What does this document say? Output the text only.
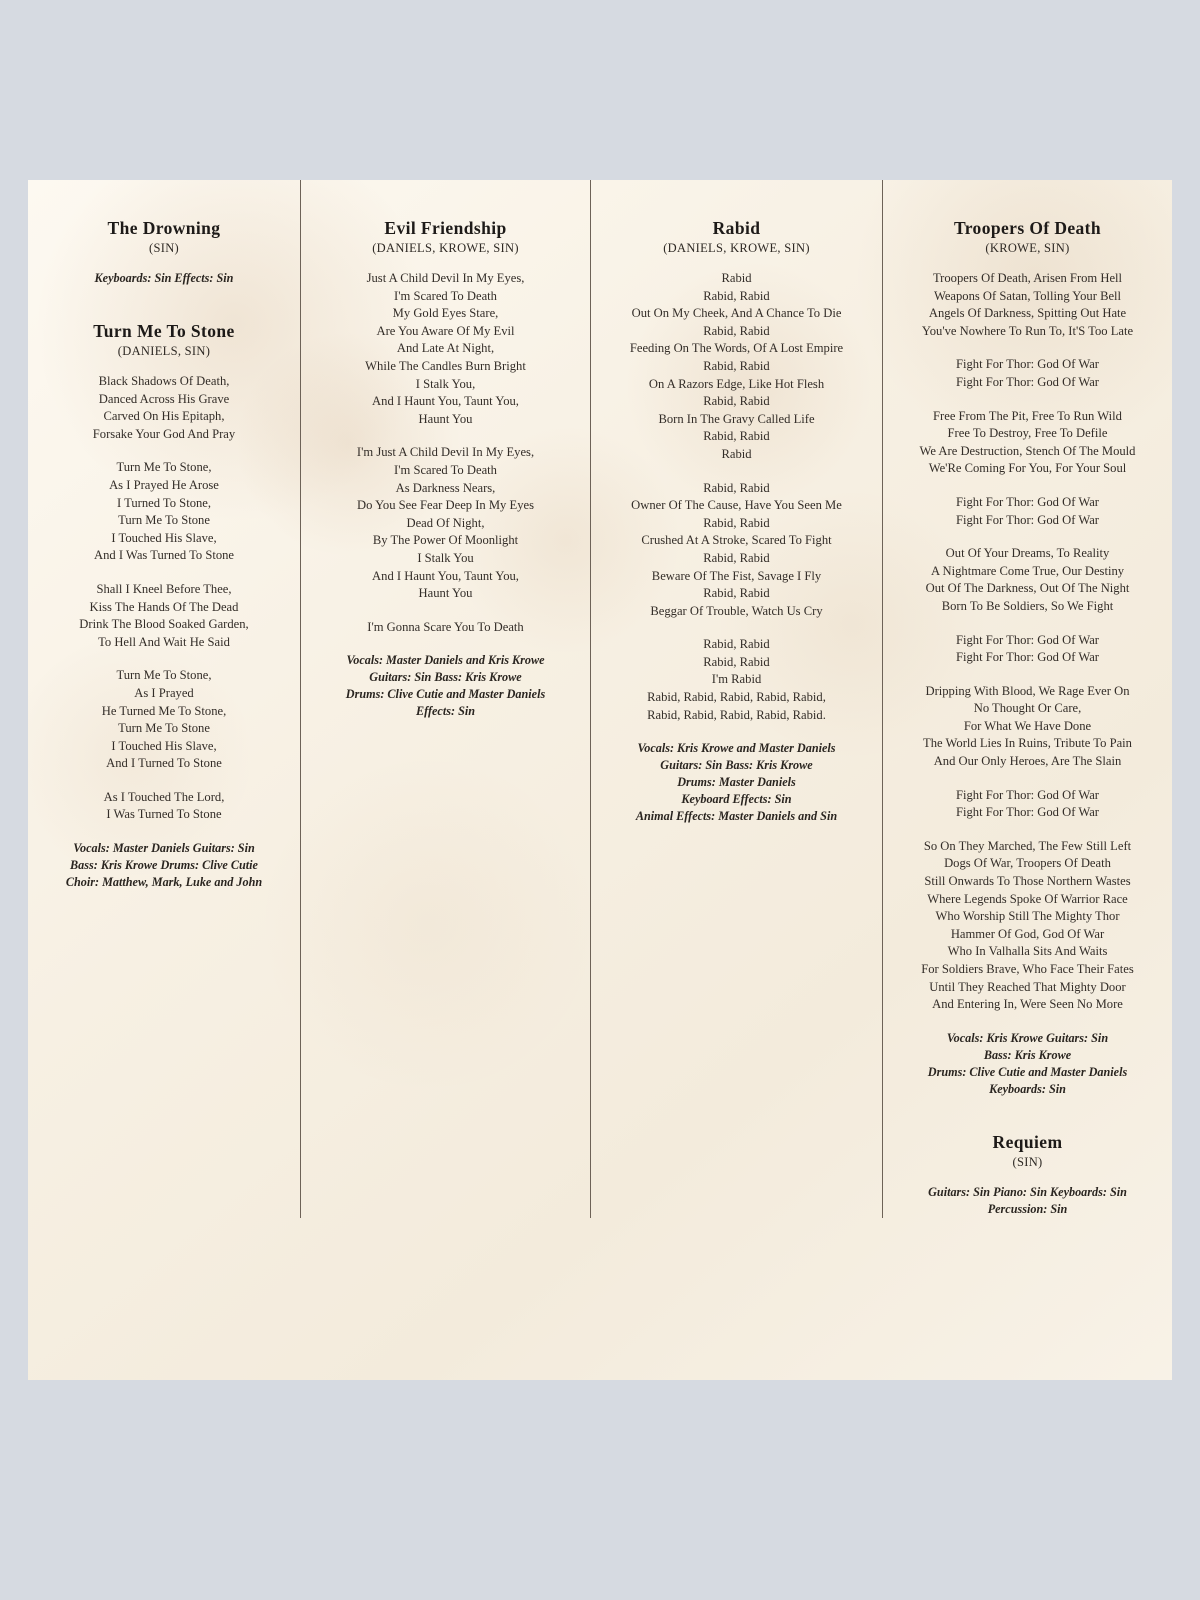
The Drowning
(SIN)
Keyboards: Sin Effects: Sin
Turn Me To Stone
(DANIELS, SIN)
Black Shadows Of Death,
Danced Across His Grave
Carved On His Epitaph,
Forsake Your God And Pray
Turn Me To Stone,
As I Prayed He Arose
I Turned To Stone,
Turn Me To Stone
I Touched His Slave,
And I Was Turned To Stone
Shall I Kneel Before Thee,
Kiss The Hands Of The Dead
Drink The Blood Soaked Garden,
To Hell And Wait He Said
Turn Me To Stone,
As I Prayed
He Turned Me To Stone,
Turn Me To Stone
I Touched His Slave,
And I Turned To Stone
As I Touched The Lord,
I Was Turned To Stone
Vocals: Master Daniels Guitars: Sin
Bass: Kris Krowe Drums: Clive Cutie
Choir: Matthew, Mark, Luke and John
Evil Friendship
(DANIELS, KROWE, SIN)
Just A Child Devil In My Eyes,
I'm Scared To Death
My Gold Eyes Stare,
Are You Aware Of My Evil
And Late At Night,
While The Candles Burn Bright
I Stalk You,
And I Haunt You, Taunt You,
Haunt You
I'm Just A Child Devil In My Eyes,
I'm Scared To Death
As Darkness Nears,
Do You See Fear Deep In My Eyes
Dead Of Night,
By The Power Of Moonlight
I Stalk You
And I Haunt You, Taunt You,
Haunt You
I'm Gonna Scare You To Death
Vocals: Master Daniels and Kris Krowe
Guitars: Sin Bass: Kris Krowe
Drums: Clive Cutie and Master Daniels
Effects: Sin
Rabid
(DANIELS, KROWE, SIN)
Rabid
Rabid, Rabid
Out On My Cheek, And A Chance To Die
Rabid, Rabid
Feeding On The Words, Of A Lost Empire
Rabid, Rabid
On A Razors Edge, Like Hot Flesh
Rabid, Rabid
Born In The Gravy Called Life
Rabid, Rabid
Rabid
Rabid, Rabid
Owner Of The Cause, Have You Seen Me
Rabid, Rabid
Crushed At A Stroke, Scared To Fight
Rabid, Rabid
Beware Of The Fist, Savage I Fly
Rabid, Rabid
Beggar Of Trouble, Watch Us Cry
Rabid, Rabid
Rabid, Rabid
I'm Rabid
Rabid, Rabid, Rabid, Rabid, Rabid,
Rabid, Rabid, Rabid, Rabid, Rabid.
Vocals: Kris Krowe and Master Daniels
Guitars: Sin Bass: Kris Krowe
Drums: Master Daniels
Keyboard Effects: Sin
Animal Effects: Master Daniels and Sin
Troopers Of Death
(KROWE, SIN)
Troopers Of Death, Arisen From Hell
Weapons Of Satan, Tolling Your Bell
Angels Of Darkness, Spitting Out Hate
You've Nowhere To Run To, It'S Too Late
Fight For Thor: God Of War
Fight For Thor: God Of War
Free From The Pit, Free To Run Wild
Free To Destroy, Free To Defile
We Are Destruction, Stench Of The Mould
We'Re Coming For You, For Your Soul
Fight For Thor: God Of War
Fight For Thor: God Of War
Out Of Your Dreams, To Reality
A Nightmare Come True, Our Destiny
Out Of The Darkness, Out Of The Night
Born To Be Soldiers, So We Fight
Fight For Thor: God Of War
Fight For Thor: God Of War
Dripping With Blood, We Rage Ever On
No Thought Or Care,
For What We Have Done
The World Lies In Ruins, Tribute To Pain
And Our Only Heroes, Are The Slain
Fight For Thor: God Of War
Fight For Thor: God Of War
So On They Marched, The Few Still Left
Dogs Of War, Troopers Of Death
Still Onwards To Those Northern Wastes
Where Legends Spoke Of Warrior Race
Who Worship Still The Mighty Thor
Hammer Of God, God Of War
Who In Valhalla Sits And Waits
For Soldiers Brave, Who Face Their Fates
Until They Reached That Mighty Door
And Entering In, Were Seen No More
Vocals: Kris Krowe Guitars: Sin
Bass: Kris Krowe
Drums: Clive Cutie and Master Daniels
Keyboards: Sin
Requiem
(SIN)
Guitars: Sin Piano: Sin Keyboards: Sin
Percussion: Sin
